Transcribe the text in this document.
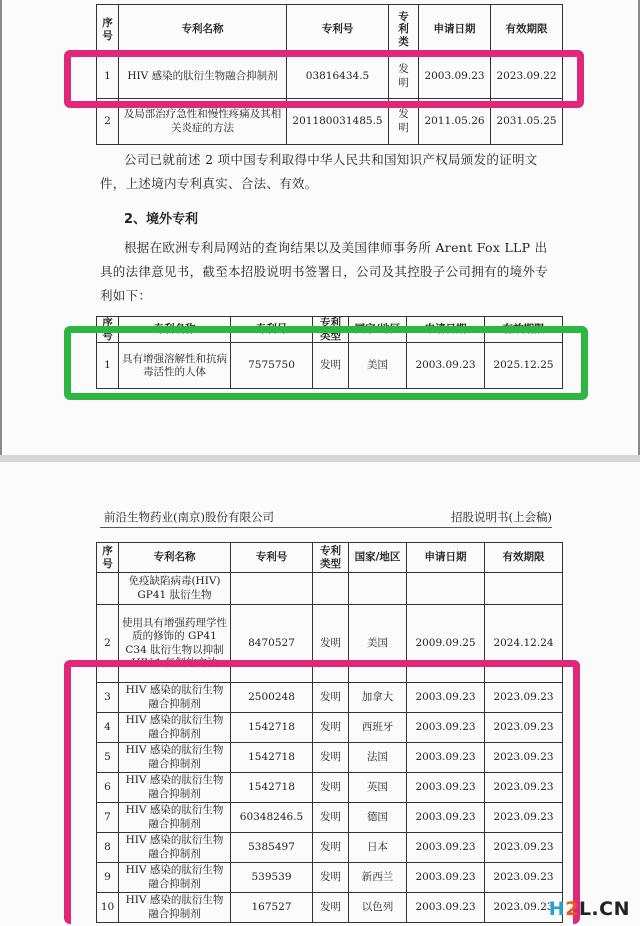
序号	专利名称	专利号	专利类	申请日期	有效期限
1	HIV 感染的肽衍生物融合抑制剂	03816434.5	发明	2003.09.23	2023.09.22
2	及局部治疗急性和慢性疼痛及其相关炎症的方法	201180031485.5	发明	2011.05.26	2031.05.25
公司已就前述 2 项中国专利取得中华人民共和国知识产权局颁发的证明文件，上述境内专利真实、合法、有效。
2、境外专利
根据在欧洲专利局网站的查询结果以及美国律师事务所 Arent Fox LLP 出具的法律意见书，截至本招股说明书签署日，公司及其控股子公司拥有的境外专利如下：
序号	专利名称	专利号	专利类型	国家/地区	申请日期	有效期限
1	具有增强溶解性和抗病毒活性的人体	7575750	发明	美国	2003.09.23	2025.12.25
前沿生物药业(南京)股份有限公司	招股说明书(上会稿)
序号	专利名称	专利号	专利类型	国家/地区	申请日期	有效期限
	免疫缺陷病毒(HIV) GP41 肽衍生物					
2	使用具有增强药理学性质的修饰的 GP41 C34 肽衍生物以抑制 HIV-1 复制的方法	8470527	发明	美国	2009.09.25	2024.12.24
3	HIV 感染的肽衍生物融合抑制剂	2500248	发明	加拿大	2003.09.23	2023.09.23
4	HIV 感染的肽衍生物融合抑制剂	1542718	发明	西班牙	2003.09.23	2023.09.23
5	HIV 感染的肽衍生物融合抑制剂	1542718	发明	法国	2003.09.23	2023.09.23
6	HIV 感染的肽衍生物融合抑制剂	1542718	发明	英国	2003.09.23	2023.09.23
7	HIV 感染的肽衍生物融合抑制剂	60348246.5	发明	德国	2003.09.23	2023.09.23
8	HIV 感染的肽衍生物融合抑制剂	5385497	发明	日本	2003.09.23	2023.09.23
9	HIV 感染的肽衍生物融合抑制剂	539539	发明	新西兰	2003.09.23	2023.09.23
10	HIV 感染的肽衍生物融合抑制剂	167527	发明	以色列	2003.09.23	2023.09.23
H2L.CN
